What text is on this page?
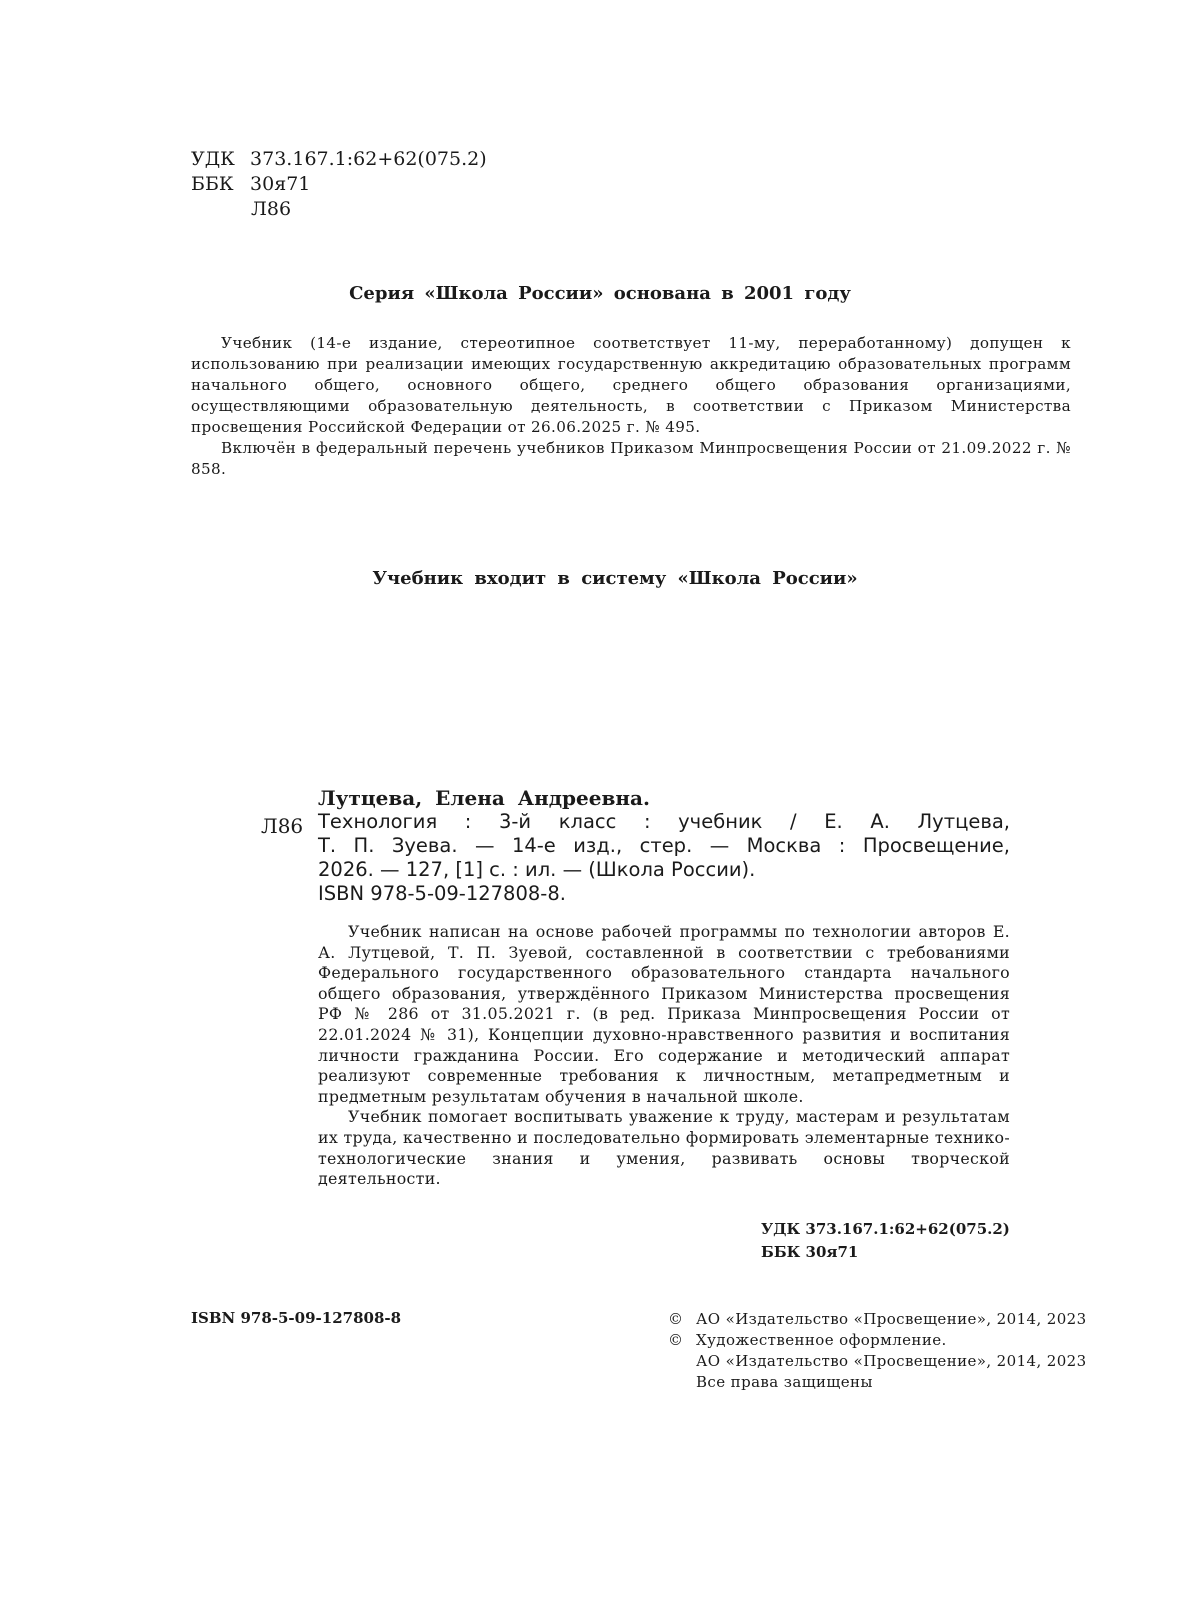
УДК 373.167.1:62+62(075.2)
ББК 30я71
Л86
Серия «Школа России» основана в 2001 году

Учебник (14-е издание, стереотипное соответствует 11-му, переработанному) допущен к использованию при реализации имеющих государственную аккредитацию образовательных программ начального общего, основного общего, среднего общего образования организациями, осуществляющими образовательную деятельность, в соответствии с Приказом Министерства просвещения Российской Федерации от 26.06.2025 г. № 495.

Включён в федеральный перечень учебников Приказом Минпросвещения России от 21.09.2022 г. № 858.

Учебник входит в систему «Школа России»
Лутцева, Елена Андреевна.
Л86 Технология : 3-й класс : учебник / Е. А. Лутцева,
Т. П. Зуева. — 14-е изд., стер. — Москва : Просвещение,
2026. — 127, [1] с. : ил. — (Школа России).
ISBN 978-5-09-127808-8.

Учебник написан на основе рабочей программы по технологии авторов Е. А. Лутцевой, Т. П. Зуевой, составленной в соответствии с требованиями Федерального государственного образовательного стандарта начального общего образования, утверждённого Приказом Министерства просвещения РФ № 286 от 31.05.2021 г. (в ред. Приказа Минпросвещения России от 22.01.2024 № 31), Концепции духовно-нравственного развития и воспитания личности гражданина России. Его содержание и методический аппарат реализуют современные требования к личностным, метапредметным и предметным результатам обучения в начальной школе.

Учебник помогает воспитывать уважение к труду, мастерам и результатам их труда, качественно и последовательно формировать элементарные технико-технологические знания и умения, развивать основы творческой деятельности.

УДК 373.167.1:62+62(075.2)
ББК 30я71
ISBN 978-5-09-127808-8	© АО «Издательство «Просвещение», 2014, 2023
© Художественное оформление.
АО «Издательство «Просвещение», 2014, 2023
Все права защищены
